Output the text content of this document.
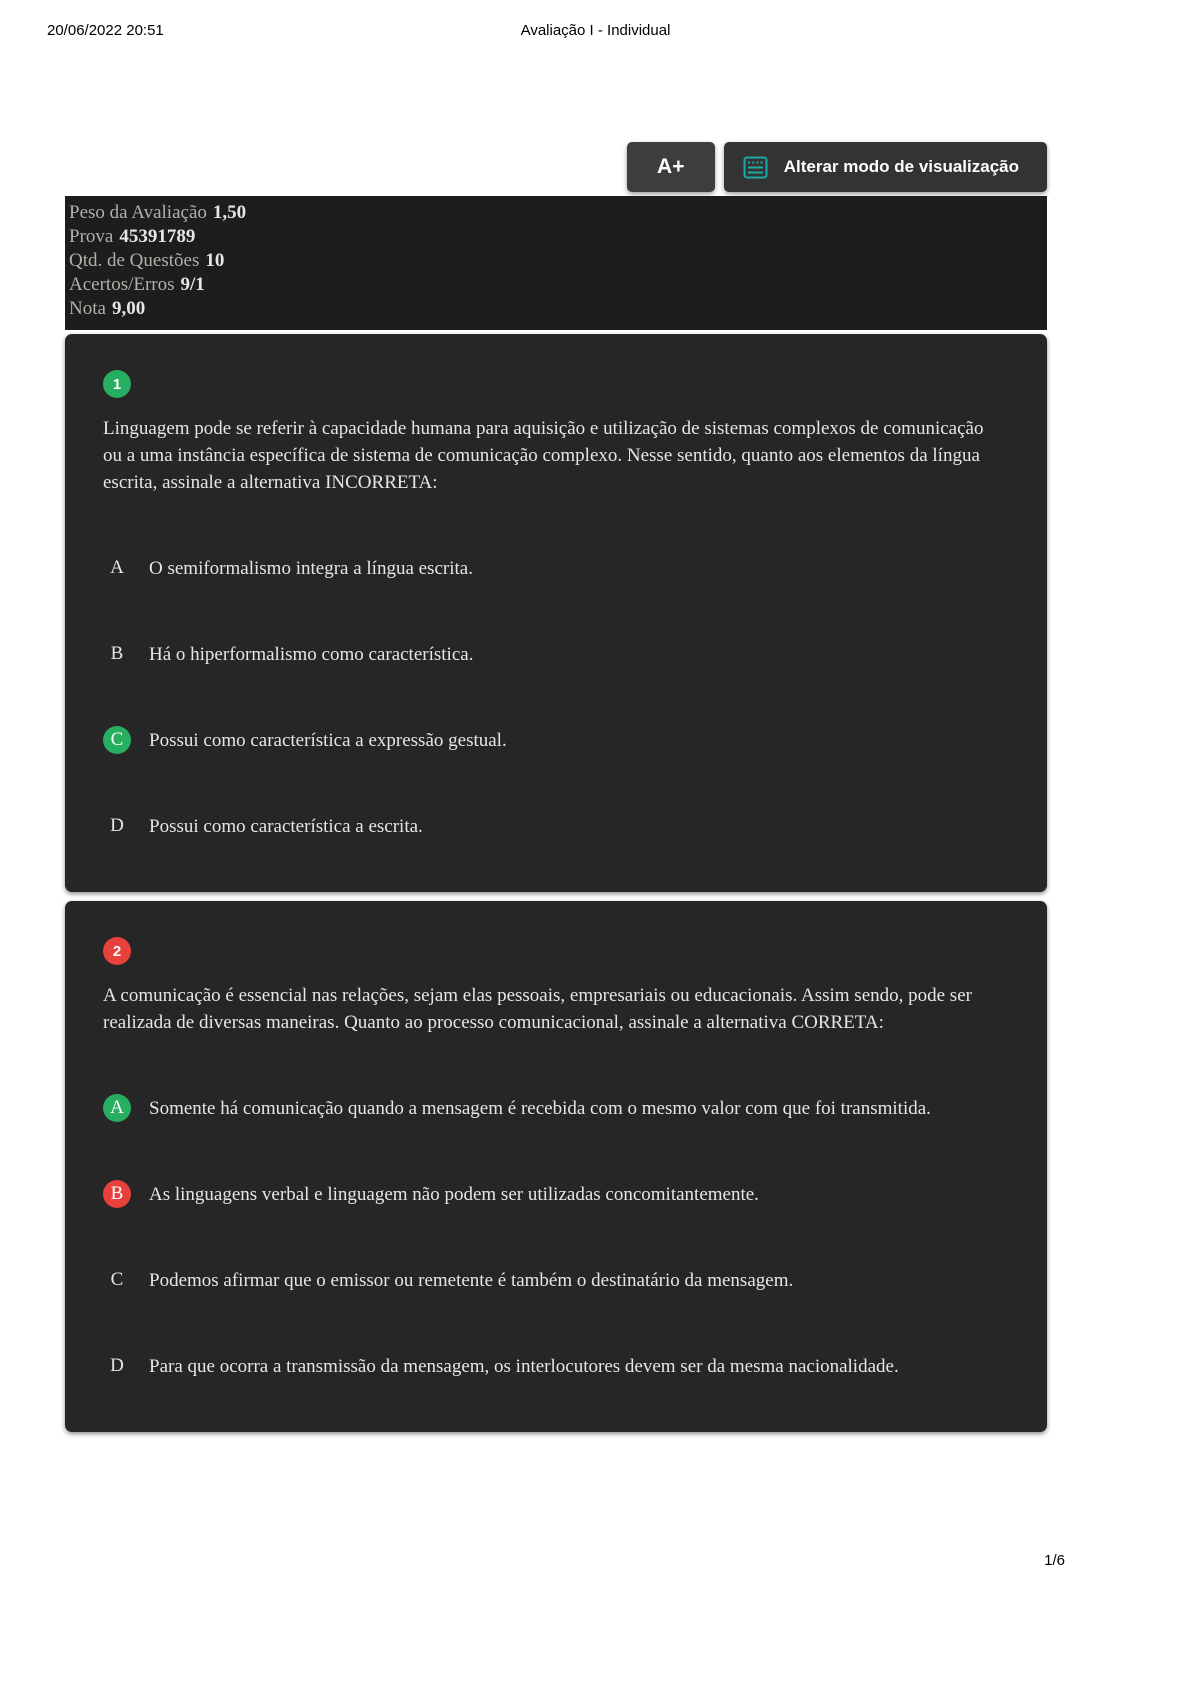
20/06/2022 20:51	Avaliação I - Individual
A+	Alterar modo de visualização
Peso da Avaliação 1,50
Prova 45391789
Qtd. de Questões 10
Acertos/Erros 9/1
Nota 9,00
1

Linguagem pode se referir à capacidade humana para aquisição e utilização de sistemas complexos de comunicação ou a uma instância específica de sistema de comunicação complexo. Nesse sentido, quanto aos elementos da língua escrita, assinale a alternativa INCORRETA:

A	O semiformalismo integra a língua escrita.
B	Há o hiperformalismo como característica.
C	Possui como característica a expressão gestual.
D	Possui como característica a escrita.
2

A comunicação é essencial nas relações, sejam elas pessoais, empresariais ou educacionais. Assim sendo, pode ser realizada de diversas maneiras. Quanto ao processo comunicacional, assinale a alternativa CORRETA:

A	Somente há comunicação quando a mensagem é recebida com o mesmo valor com que foi transmitida.
B	As linguagens verbal e linguagem não podem ser utilizadas concomitantemente.
C	Podemos afirmar que o emissor ou remetente é também o destinatário da mensagem.
D	Para que ocorra a transmissão da mensagem, os interlocutores devem ser da mesma nacionalidade.
1/6
